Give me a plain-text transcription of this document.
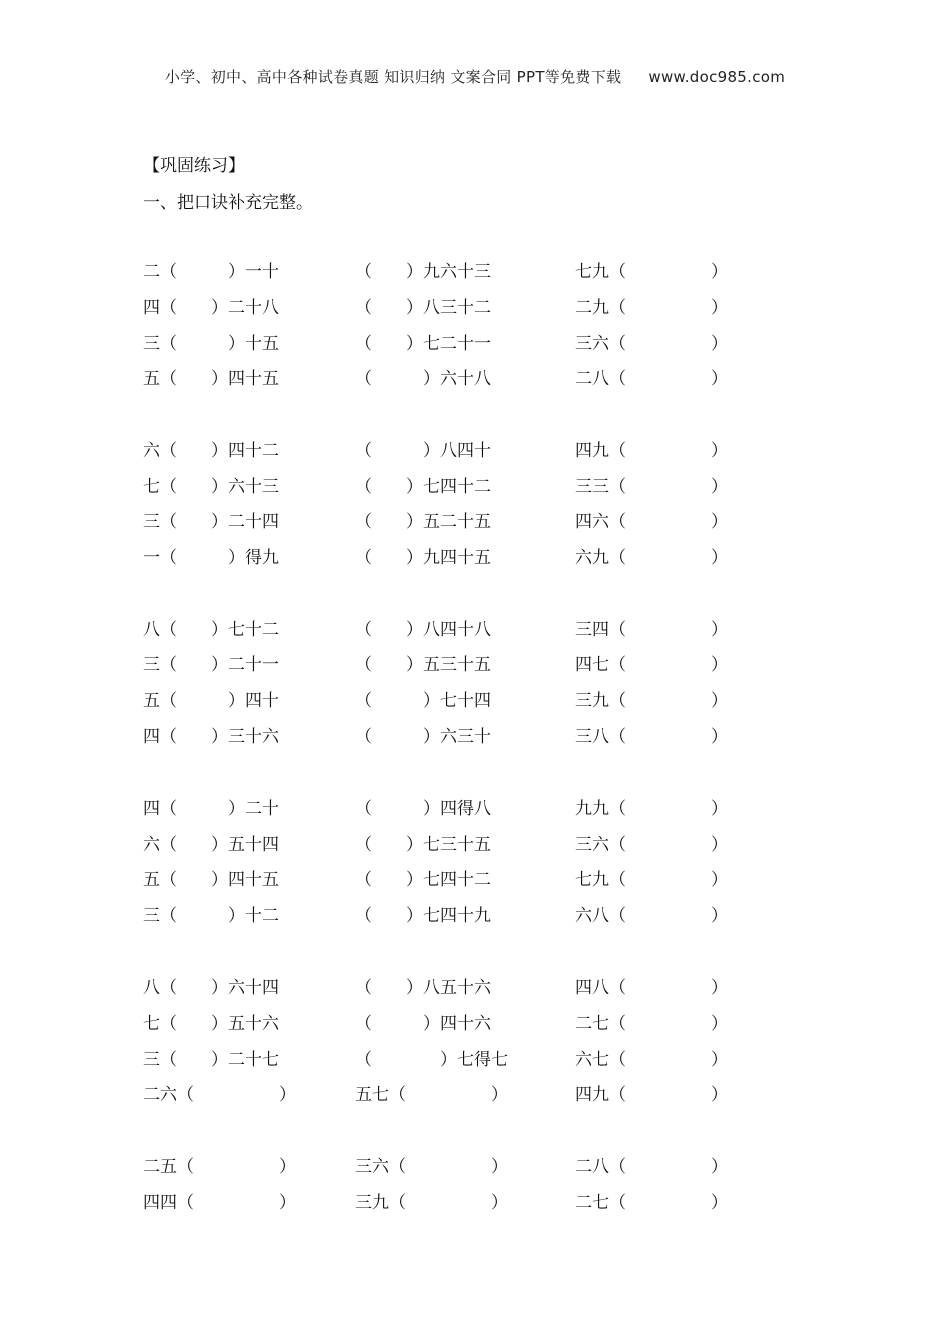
小学、初中、高中各种试卷真题 知识归纳 文案合同 PPT等免费下载 www.doc985.com
【巩固练习】
一、把口诀补充完整。
二（　　　）一十	（　　）九六十三	七九（　　　　　）
四（　　）二十八	（　　）八三十二	二九（　　　　　）
三（　　　）十五	（　　）七二十一	三六（　　　　　）
五（　　）四十五	（　　　）六十八	二八（　　　　　）
六（　　）四十二	（　　　）八四十	四九（　　　　　）
七（　　）六十三	（　　）七四十二	三三（　　　　　）
三（　　）二十四	（　　）五二十五	四六（　　　　　）
一（　　　）得九	（　　）九四十五	六九（　　　　　）
八（　　）七十二	（　　）八四十八	三四（　　　　　）
三（　　）二十一	（　　）五三十五	四七（　　　　　）
五（　　　）四十	（　　　）七十四	三九（　　　　　）
四（　　）三十六	（　　　）六三十	三八（　　　　　）
四（　　　）二十	（　　　）四得八	九九（　　　　　）
六（　　）五十四	（　　）七三十五	三六（　　　　　）
五（　　）四十五	（　　）七四十二	七九（　　　　　）
三（　　　）十二	（　　）七四十九	六八（　　　　　）
八（　　）六十四	（　　）八五十六	四八（　　　　　）
七（　　）五十六	（　　　）四十六	二七（　　　　　）
三（　　）二十七	（　　　　）七得七	六七（　　　　　）
二六（　　　　　）	五七（　　　　　）	四九（　　　　　）
二五（　　　　　）	三六（　　　　　）	二八（　　　　　）
四四（　　　　　）	三九（　　　　　）	二七（　　　　　）
